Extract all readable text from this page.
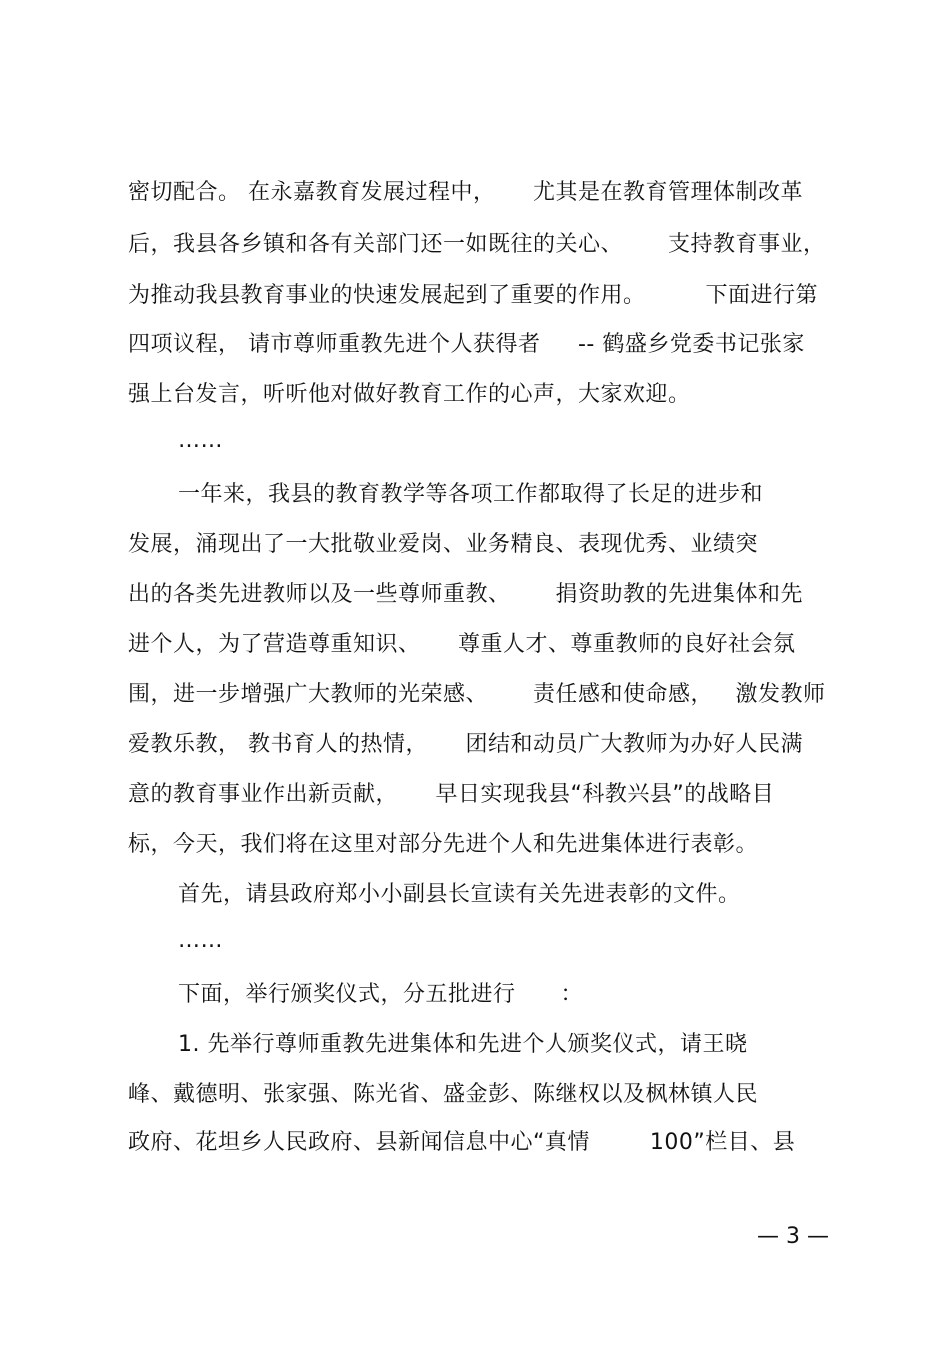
密切配合。 在永嘉教育发展过程中，     尤其是在教育管理体制改革
后，我县各乡镇和各有关部门还一如既往的关心、      支持教育事业，
为推动我县教育事业的快速发展起到了重要的作用。        下面进行第
四项议程， 请市尊师重教先进个人获得者     -- 鹤盛乡党委书记张家
强上台发言，听听他对做好教育工作的心声，大家欢迎。
……
一年来，我县的教育教学等各项工作都取得了长足的进步和
发展，涌现出了一大批敬业爱岗、业务精良、表现优秀、业绩突
出的各类先进教师以及一些尊师重教、      捐资助教的先进集体和先
进个人，为了营造尊重知识、     尊重人才、尊重教师的良好社会氛
围，进一步增强广大教师的光荣感、      责任感和使命感，   激发教师
爱教乐教， 教书育人的热情，     团结和动员广大教师为办好人民满
意的教育事业作出新贡献，     早日实现我县“科教兴县”的战略目
标，今天，我们将在这里对部分先进个人和先进集体进行表彰。
首先，请县政府郑小小副县长宣读有关先进表彰的文件。
……
下面，举行颁奖仪式，分五批进行      ：
1. 先举行尊师重教先进集体和先进个人颁奖仪式，请王晓
峰、戴德明、张家强、陈光省、盛金彭、陈继权以及枫林镇人民
政府、花坦乡人民政府、县新闻信息中心“真情        100”栏目、县
— 3 —
